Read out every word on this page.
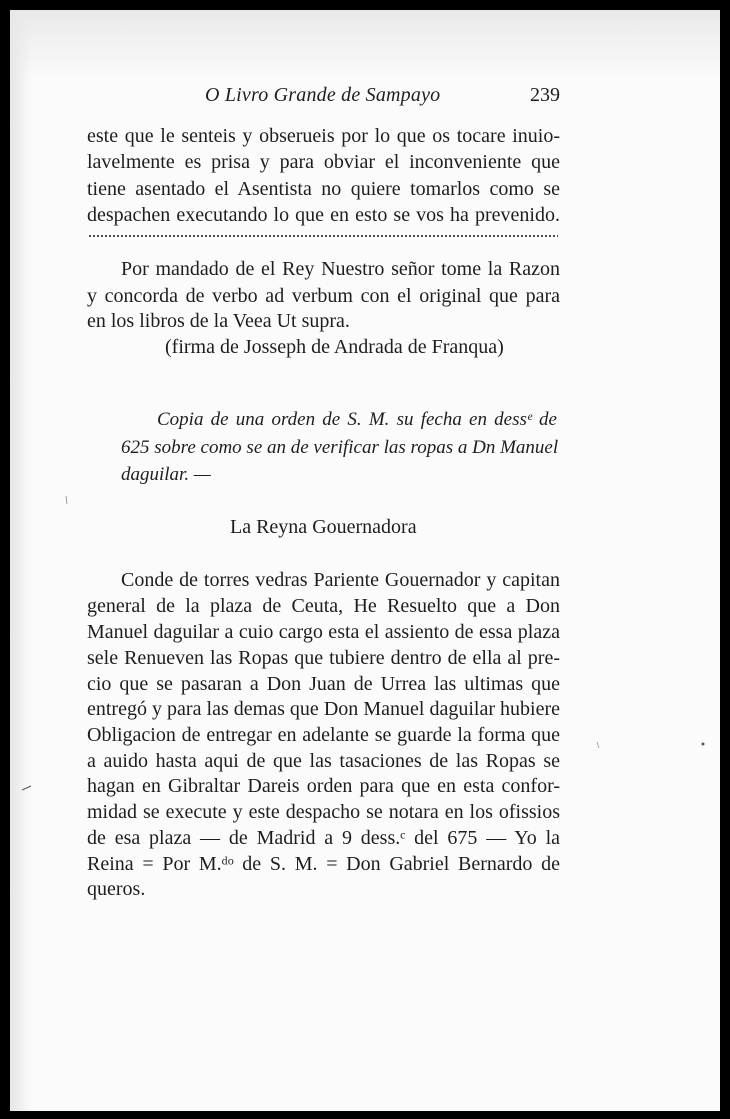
O Livro Grande de Sampayo	239
este que le senteis y obserueis por lo que os tocare inuio-
lavelmente es prisa y para obviar el inconveniente que
tiene asentado el Asentista no quiere tomarlos como se
despachen executando lo que en esto se vos ha prevenido.
Por mandado de el Rey Nuestro señor tome la Razon
y concorda de verbo ad verbum con el original que para
en los libros de la Veea Ut supra.
(firma de Josseph de Andrada de Franqua)
Copia de una orden de S. M. su fecha en dessᵉ de
625 sobre como se an de verificar las ropas a Dn Manuel
daguilar. —
La Reyna Gouernadora
Conde de torres vedras Pariente Gouernador y capitan
general de la plaza de Ceuta, He Resuelto que a Don
Manuel daguilar a cuio cargo esta el assiento de essa plaza
sele Renueven las Ropas que tubiere dentro de ella al pre-
cio que se pasaran a Don Juan de Urrea las ultimas que
entregó y para las demas que Don Manuel daguilar hubiere
Obligacion de entregar en adelante se guarde la forma que
a auido hasta aqui de que las tasaciones de las Ropas se
hagan en Gibraltar Dareis orden para que en esta confor-
midad se execute y este despacho se notara en los ofissios
de esa plaza — de Madrid a 9 dess.ᶜ del 675 — Yo la
Reina = Por M.ᵈᵒ de S. M. = Don Gabriel Bernardo de
queros.
